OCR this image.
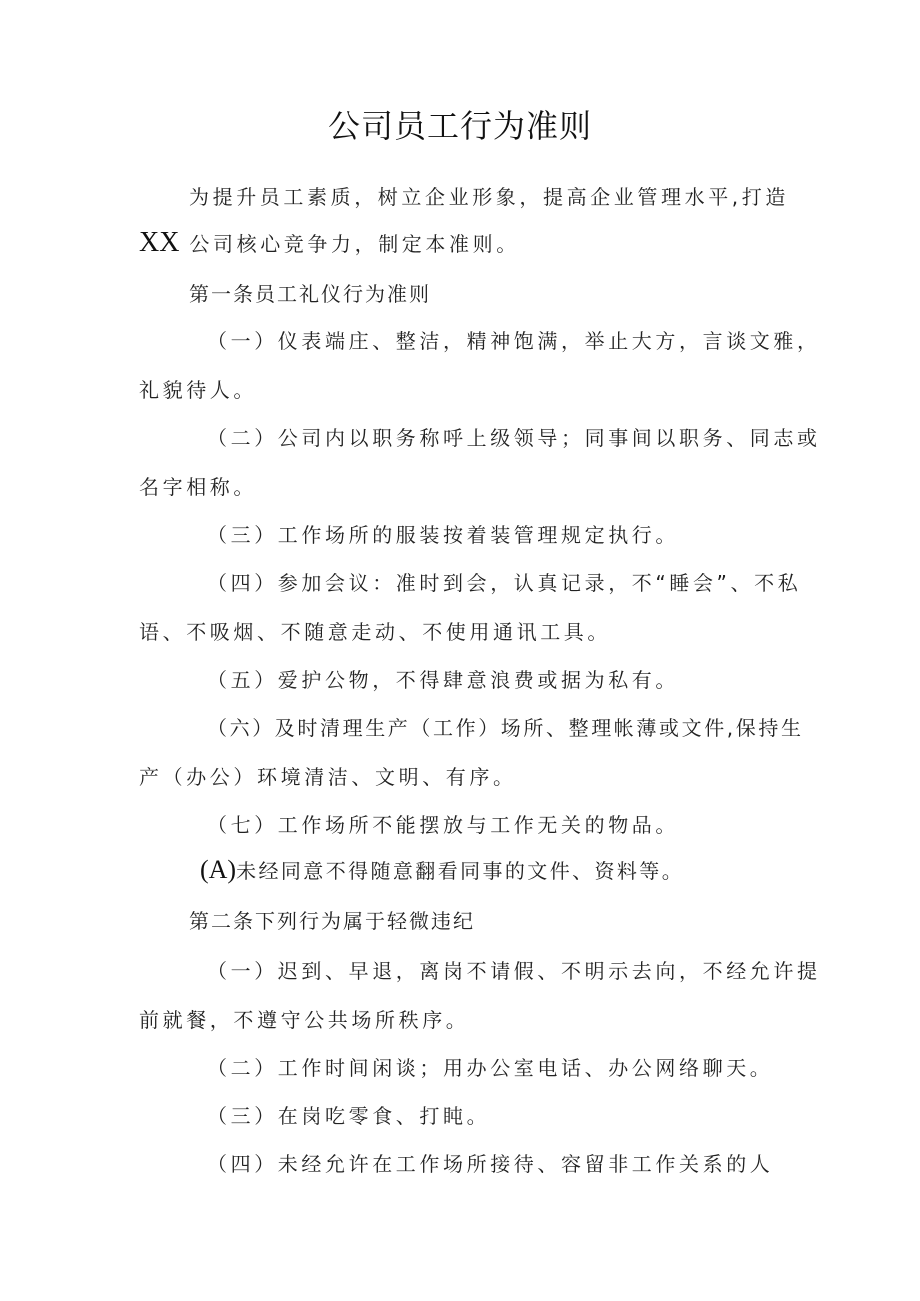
公司员工行为准则
为提升员工素质，树立企业形象，提高企业管理水平,打造
XX 公司核心竞争力，制定本准则。
第一条员工礼仪行为准则
（一）仪表端庄、整洁，精神饱满，举止大方，言谈文雅，
礼貌待人。
（二）公司内以职务称呼上级领导；同事间以职务、同志或
名字相称。
（三）工作场所的服装按着装管理规定执行。
（四）参加会议：准时到会，认真记录，不“睡会”、不私
语、不吸烟、不随意走动、不使用通讯工具。
（五）爱护公物，不得肆意浪费或据为私有。
（六）及时清理生产（工作）场所、整理帐薄或文件,保持生
产（办公）环境清洁、文明、有序。
（七）工作场所不能摆放与工作无关的物品。
(A)未经同意不得随意翻看同事的文件、资料等。
第二条下列行为属于轻微违纪
（一）迟到、早退，离岗不请假、不明示去向，不经允许提
前就餐，不遵守公共场所秩序。
（二）工作时间闲谈；用办公室电话、办公网络聊天。
（三）在岗吃零食、打盹。
（四）未经允许在工作场所接待、容留非工作关系的人
